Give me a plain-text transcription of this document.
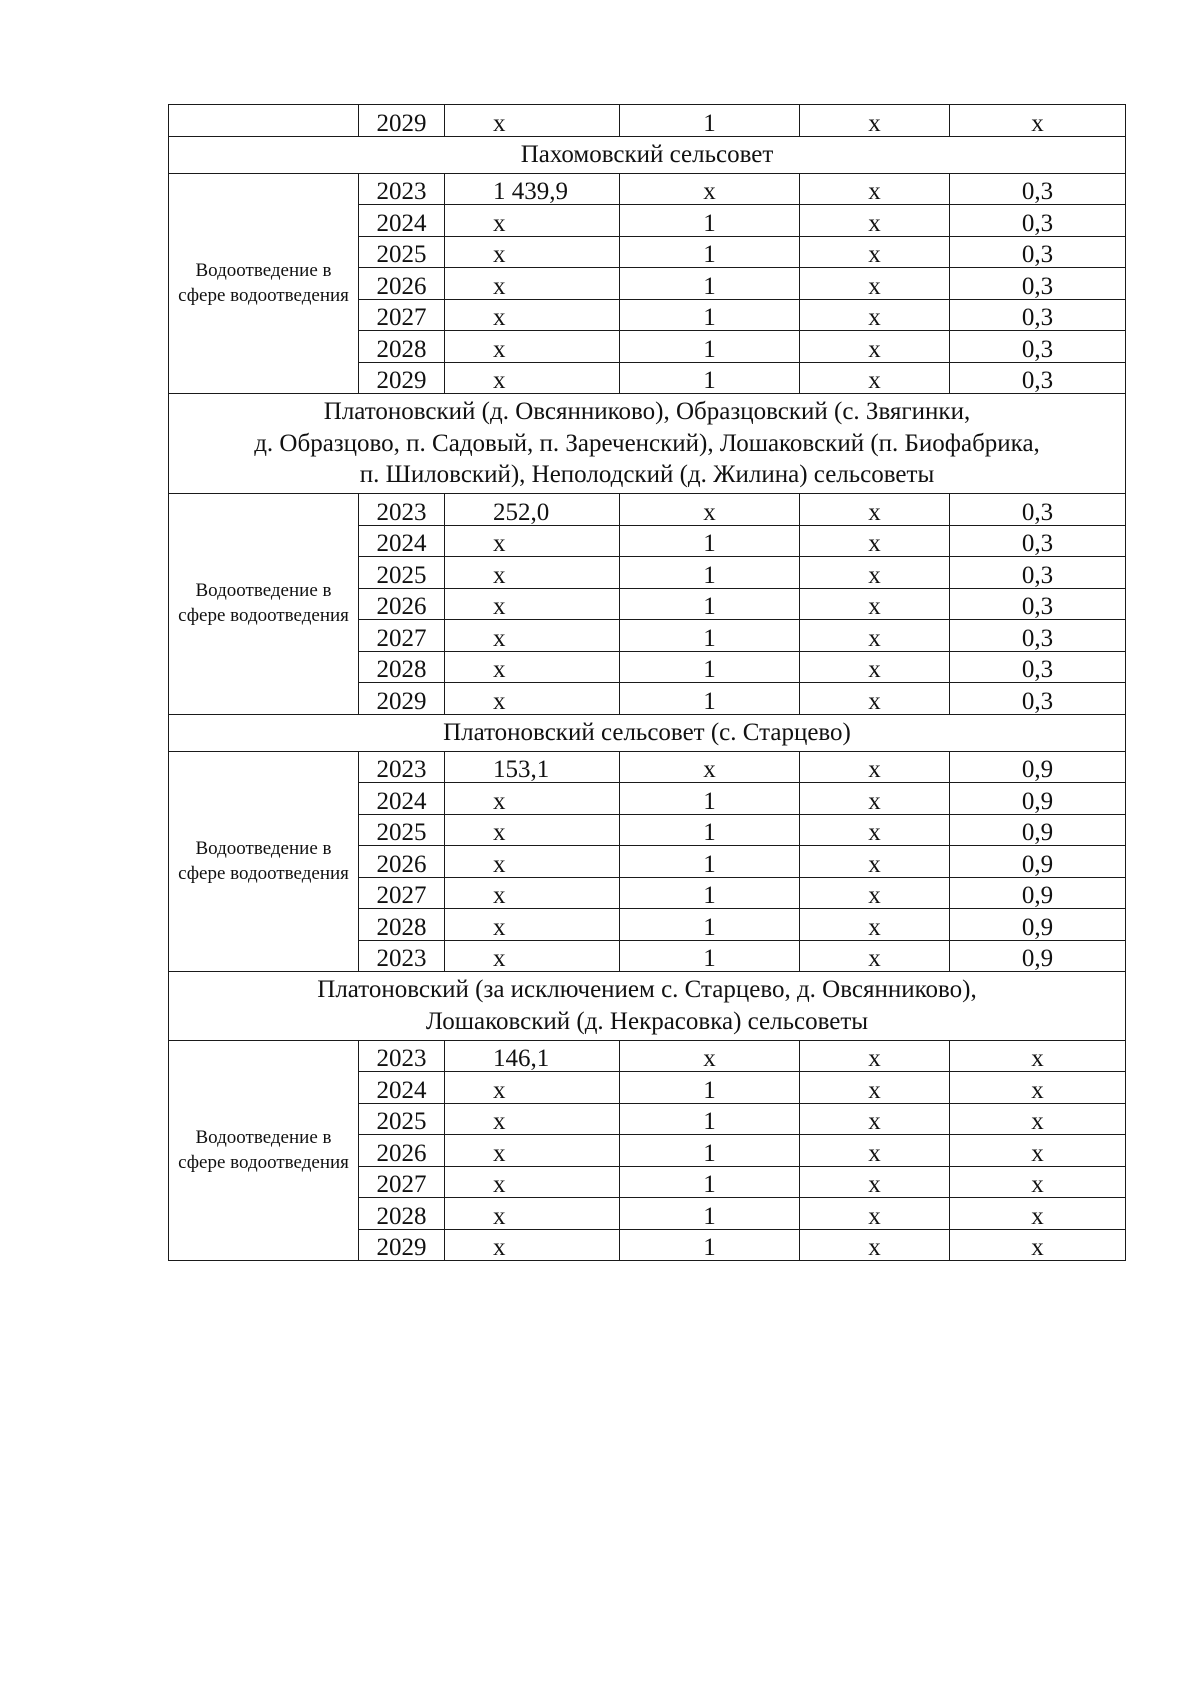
	2029	х	1	х	х

Пахомовский сельсовет					

Водоотведение в сфере водоотведения	2023	1 439,9	х	х	0,3
	2024	х	1	х	0,3
	2025	х	1	х	0,3
	2026	х	1	х	0,3
	2027	х	1	х	0,3
	2028	х	1	х	0,3
	2029	х	1	х	0,3

Платоновский (д. Овсянниково), Образцовский (с. Звягинки,
д. Образцово, п. Садовый, п. Зареченский), Лошаковский (п. Биофабрика,
п. Шиловский), Неполодский (д. Жилина) сельсоветы					

Водоотведение в сфере водоотведения	2023	252,0	х	х	0,3
	2024	х	1	х	0,3
	2025	х	1	х	0,3
	2026	х	1	х	0,3
	2027	х	1	х	0,3
	2028	х	1	х	0,3
	2029	х	1	х	0,3

Платоновский сельсовет (с. Старцево)					

Водоотведение в сфере водоотведения	2023	153,1	х	х	0,9
	2024	х	1	х	0,9
	2025	х	1	х	0,9
	2026	х	1	х	0,9
	2027	х	1	х	0,9
	2028	х	1	х	0,9
	2023	х	1	х	0,9

Платоновский (за исключением с. Старцево, д. Овсянниково),
Лошаковский (д. Некрасовка) сельсоветы					

Водоотведение в сфере водоотведения	2023	146,1	х	х	х
	2024	х	1	х	х
	2025	х	1	х	х
	2026	х	1	х	х
	2027	х	1	х	х
	2028	х	1	х	х
	2029	х	1	х	х
